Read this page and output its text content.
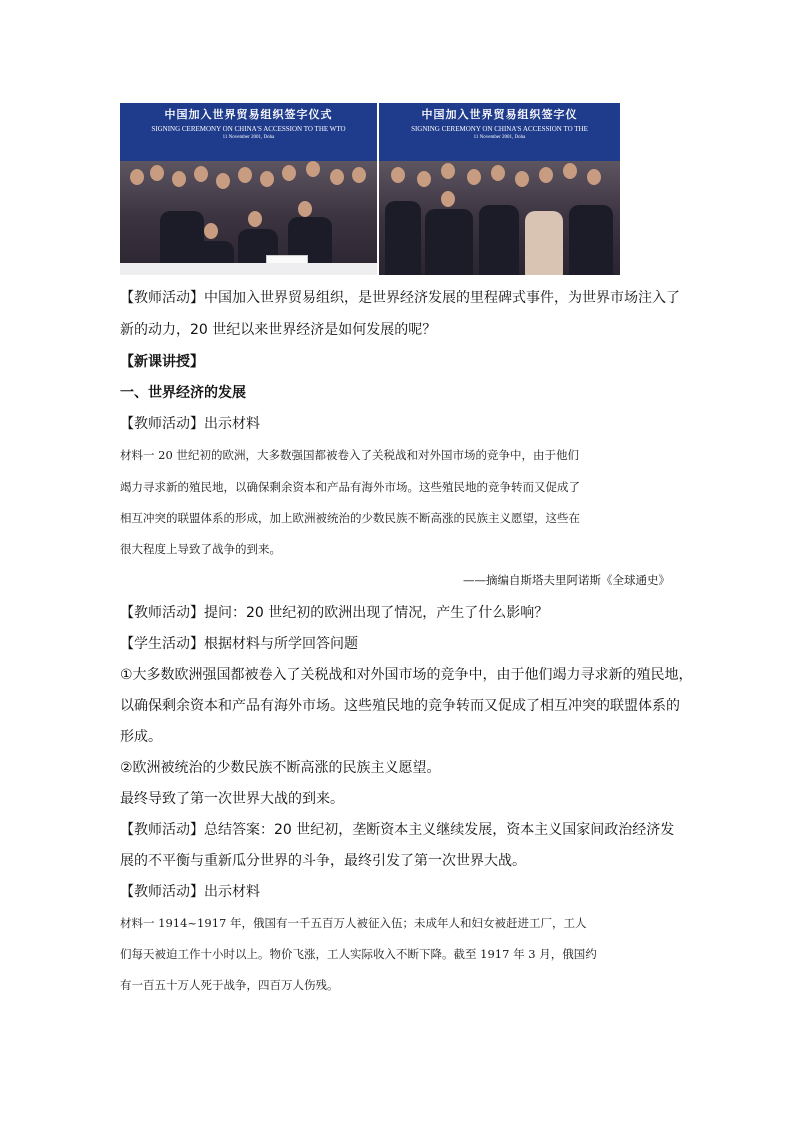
中国加入世界贸易组织签字仪式
SIGNING CEREMONY ON CHINA'S ACCESSION TO THE WTO
11 November 2001, Doha
中国加入世界贸易组织签字仪
SIGNING CEREMONY ON CHINA'S ACCESSION TO THE
11 November 2001, Doha
【教师活动】中国加入世界贸易组织，是世界经济发展的里程碑式事件，为世界市场注入了
新的动力，20 世纪以来世界经济是如何发展的呢？
【新课讲授】
一、世界经济的发展
【教师活动】出示材料
材料一 20 世纪初的欧洲，大多数强国都被卷入了关税战和对外国市场的竞争中，由于他们
竭力寻求新的殖民地，以确保剩余资本和产品有海外市场。这些殖民地的竞争转而又促成了
相互冲突的联盟体系的形成，加上欧洲被统治的少数民族不断高涨的民族主义愿望，这些在
很大程度上导致了战争的到来。
——摘编自斯塔夫里阿诺斯《全球通史》
【教师活动】提问：20 世纪初的欧洲出现了情况，产生了什么影响？
【学生活动】根据材料与所学回答问题
①大多数欧洲强国都被卷入了关税战和对外国市场的竞争中，由于他们竭力寻求新的殖民地，
以确保剩余资本和产品有海外市场。这些殖民地的竞争转而又促成了相互冲突的联盟体系的
形成。
②欧洲被统治的少数民族不断高涨的民族主义愿望。
最终导致了第一次世界大战的到来。
【教师活动】总结答案：20 世纪初，垄断资本主义继续发展，资本主义国家间政治经济发
展的不平衡与重新瓜分世界的斗争，最终引发了第一次世界大战。
【教师活动】出示材料
材料一 1914~1917 年，俄国有一千五百万人被征入伍；未成年人和妇女被赶进工厂，工人
们每天被迫工作十小时以上。物价飞涨，工人实际收入不断下降。截至 1917 年 3 月，俄国约
有一百五十万人死于战争，四百万人伤残。
